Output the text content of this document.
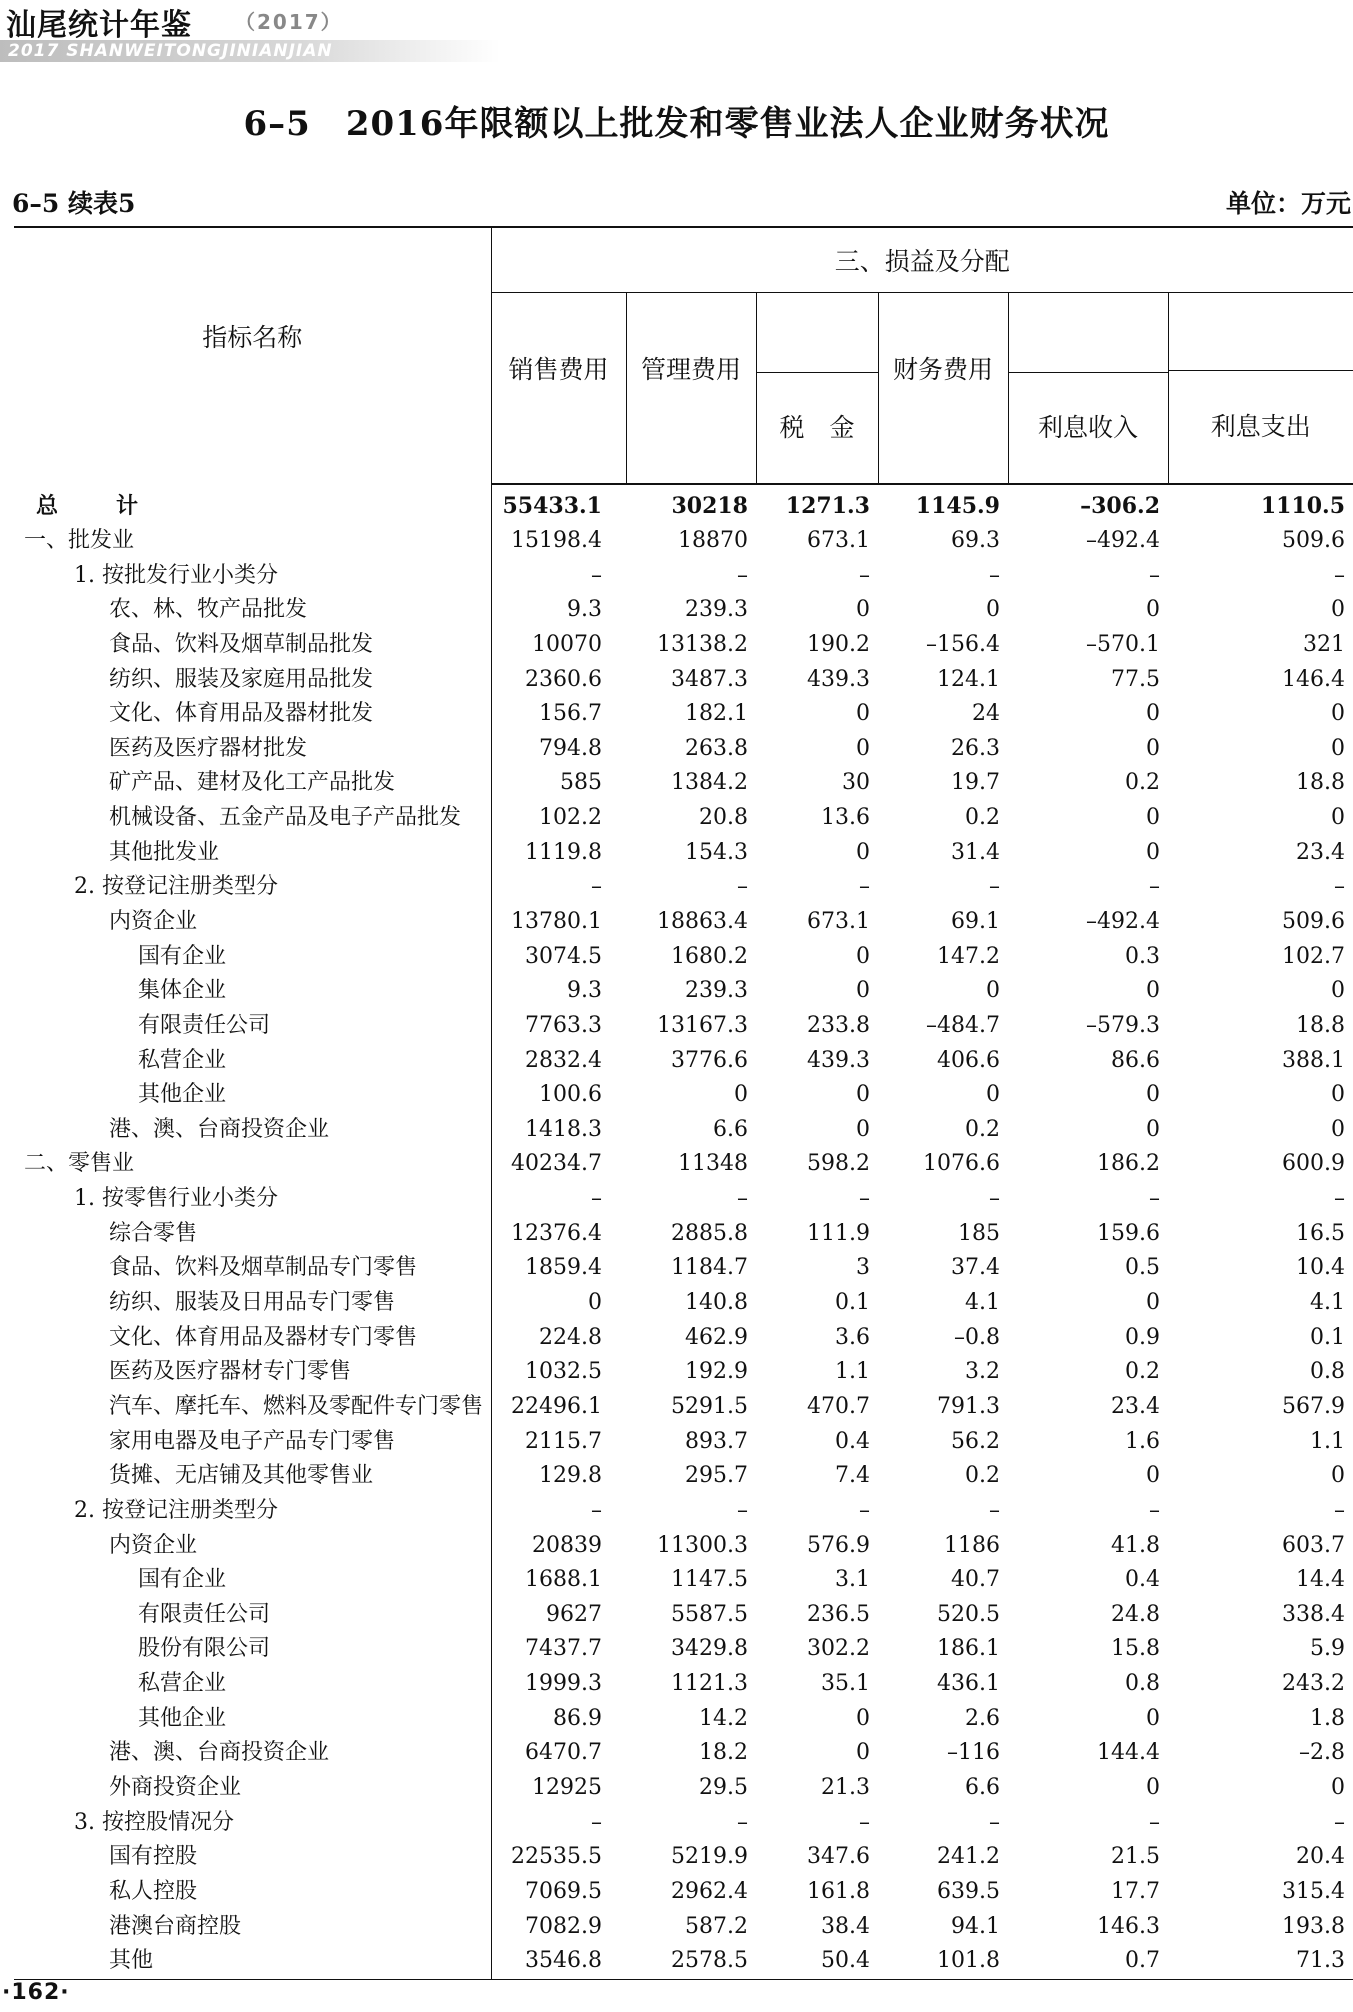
汕尾统计年鉴 （2017）
2017 SHANWEITONGJINIANJIAN
6–5　2016年限额以上批发和零售业法人企业财务状况
6–5 续表5	单位：万元
指标名称	三、损益及分配					
	销售费用	管理费用	税　金	财务费用	利息收入	利息支出

总　计	55433.1	30218	1271.3	1145.9	–306.2	1110.5
一、批发业	15198.4	18870	673.1	69.3	–492.4	509.6
1. 按批发行业小类分	–	–	–	–	–	–
农、林、牧产品批发	9.3	239.3	0	0	0	0
食品、饮料及烟草制品批发	10070	13138.2	190.2	–156.4	–570.1	321
纺织、服装及家庭用品批发	2360.6	3487.3	439.3	124.1	77.5	146.4
文化、体育用品及器材批发	156.7	182.1	0	24	0	0
医药及医疗器材批发	794.8	263.8	0	26.3	0	0
矿产品、建材及化工产品批发	585	1384.2	30	19.7	0.2	18.8
机械设备、五金产品及电子产品批发	102.2	20.8	13.6	0.2	0	0
其他批发业	1119.8	154.3	0	31.4	0	23.4
2. 按登记注册类型分	–	–	–	–	–	–
内资企业	13780.1	18863.4	673.1	69.1	–492.4	509.6
国有企业	3074.5	1680.2	0	147.2	0.3	102.7
集体企业	9.3	239.3	0	0	0	0
有限责任公司	7763.3	13167.3	233.8	–484.7	–579.3	18.8
私营企业	2832.4	3776.6	439.3	406.6	86.6	388.1
其他企业	100.6	0	0	0	0	0
港、澳、台商投资企业	1418.3	6.6	0	0.2	0	0
二、零售业	40234.7	11348	598.2	1076.6	186.2	600.9
1. 按零售行业小类分	–	–	–	–	–	–
综合零售	12376.4	2885.8	111.9	185	159.6	16.5
食品、饮料及烟草制品专门零售	1859.4	1184.7	3	37.4	0.5	10.4
纺织、服装及日用品专门零售	0	140.8	0.1	4.1	0	4.1
文化、体育用品及器材专门零售	224.8	462.9	3.6	–0.8	0.9	0.1
医药及医疗器材专门零售	1032.5	192.9	1.1	3.2	0.2	0.8
汽车、摩托车、燃料及零配件专门零售	22496.1	5291.5	470.7	791.3	23.4	567.9
家用电器及电子产品专门零售	2115.7	893.7	0.4	56.2	1.6	1.1
货摊、无店铺及其他零售业	129.8	295.7	7.4	0.2	0	0
2. 按登记注册类型分	–	–	–	–	–	–
内资企业	20839	11300.3	576.9	1186	41.8	603.7
国有企业	1688.1	1147.5	3.1	40.7	0.4	14.4
有限责任公司	9627	5587.5	236.5	520.5	24.8	338.4
股份有限公司	7437.7	3429.8	302.2	186.1	15.8	5.9
私营企业	1999.3	1121.3	35.1	436.1	0.8	243.2
其他企业	86.9	14.2	0	2.6	0	1.8
港、澳、台商投资企业	6470.7	18.2	0	–116	144.4	–2.8
外商投资企业	12925	29.5	21.3	6.6	0	0
3. 按控股情况分	–	–	–	–	–	–
国有控股	22535.5	5219.9	347.6	241.2	21.5	20.4
私人控股	7069.5	2962.4	161.8	639.5	17.7	315.4
港澳台商控股	7082.9	587.2	38.4	94.1	146.3	193.8
其他	3546.8	2578.5	50.4	101.8	0.7	71.3
·162·
